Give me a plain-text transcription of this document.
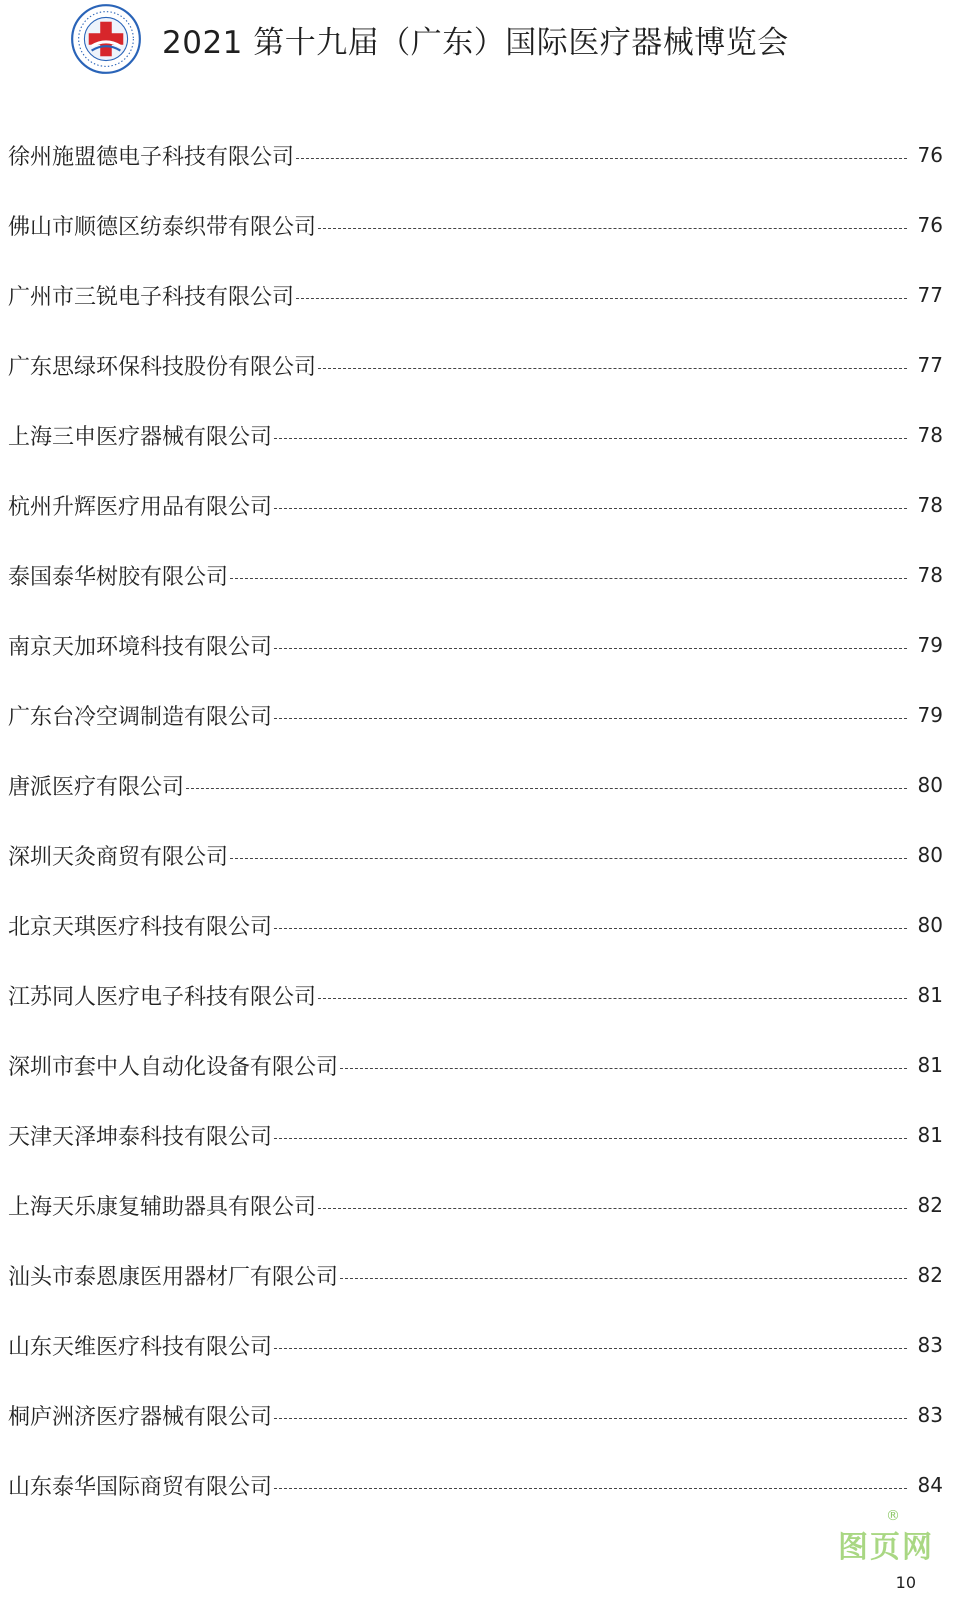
2021 第十九届（广东）国际医疗器械博览会
徐州施盟德电子科技有限公司	76
佛山市顺德区纺泰织带有限公司	76
广州市三锐电子科技有限公司	77
广东思绿环保科技股份有限公司	77
上海三申医疗器械有限公司	78
杭州升辉医疗用品有限公司	78
泰国泰华树胶有限公司	78
南京天加环境科技有限公司	79
广东台冷空调制造有限公司	79
唐派医疗有限公司	80
深圳天灸商贸有限公司	80
北京天琪医疗科技有限公司	80
江苏同人医疗电子科技有限公司	81
深圳市套中人自动化设备有限公司	81
天津天泽坤泰科技有限公司	81
上海天乐康复辅助器具有限公司	82
汕头市泰恩康医用器材厂有限公司	82
山东天维医疗科技有限公司	83
桐庐洲济医疗器械有限公司	83
山东泰华国际商贸有限公司	84
®
图页网
10
